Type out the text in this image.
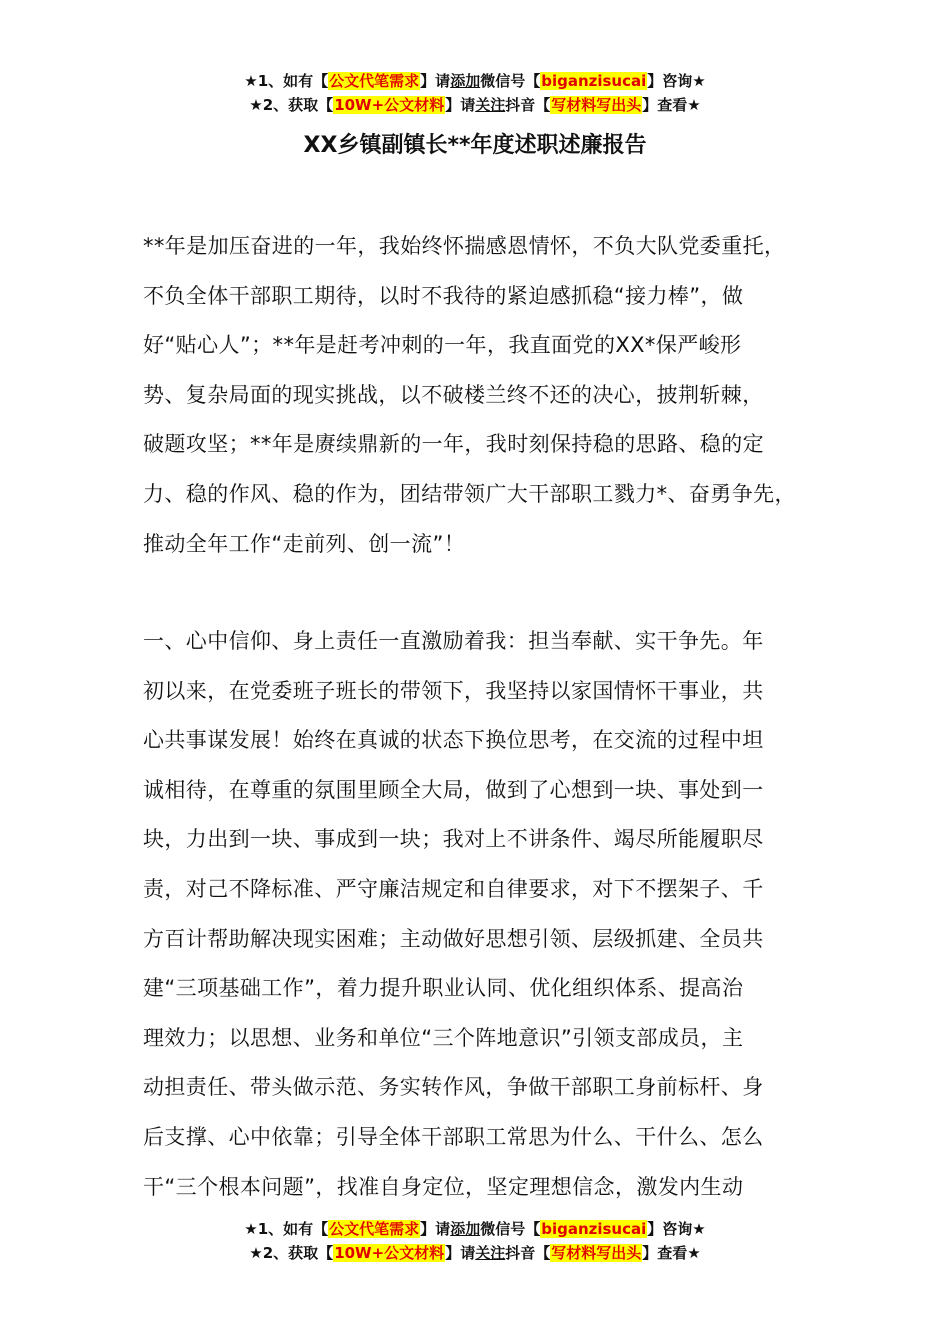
★1、如有【公文代笔需求】请添加微信号【biganzisucai】咨询★
★2、获取【10W+公文材料】请关注抖音【写材料写出头】查看★
XX乡镇副镇长**年度述职述廉报告

**年是加压奋进的一年，我始终怀揣感恩情怀，不负大队党委重托，
不负全体干部职工期待，以时不我待的紧迫感抓稳“接力棒”，做
好“贴心人”；**年是赶考冲刺的一年，我直面党的XX*保严峻形
势、复杂局面的现实挑战，以不破楼兰终不还的决心，披荆斩棘，
破题攻坚；**年是赓续鼎新的一年，我时刻保持稳的思路、稳的定
力、稳的作风、稳的作为，团结带领广大干部职工戮力*、奋勇争先，
推动全年工作“走前列、创一流”！

一、心中信仰、身上责任一直激励着我：担当奉献、实干争先。年
初以来，在党委班子班长的带领下，我坚持以家国情怀干事业，共
心共事谋发展！始终在真诚的状态下换位思考，在交流的过程中坦
诚相待，在尊重的氛围里顾全大局，做到了心想到一块、事处到一
块，力出到一块、事成到一块；我对上不讲条件、竭尽所能履职尽
责，对己不降标准、严守廉洁规定和自律要求，对下不摆架子、千
方百计帮助解决现实困难；主动做好思想引领、层级抓建、全员共
建“三项基础工作”，着力提升职业认同、优化组织体系、提高治
理效力；以思想、业务和单位“三个阵地意识”引领支部成员，主
动担责任、带头做示范、务实转作风，争做干部职工身前标杆、身
后支撑、心中依靠；引导全体干部职工常思为什么、干什么、怎么
干“三个根本问题”，找准自身定位，坚定理想信念，激发内生动

★1、如有【公文代笔需求】请添加微信号【biganzisucai】咨询★
★2、获取【10W+公文材料】请关注抖音【写材料写出头】查看★
